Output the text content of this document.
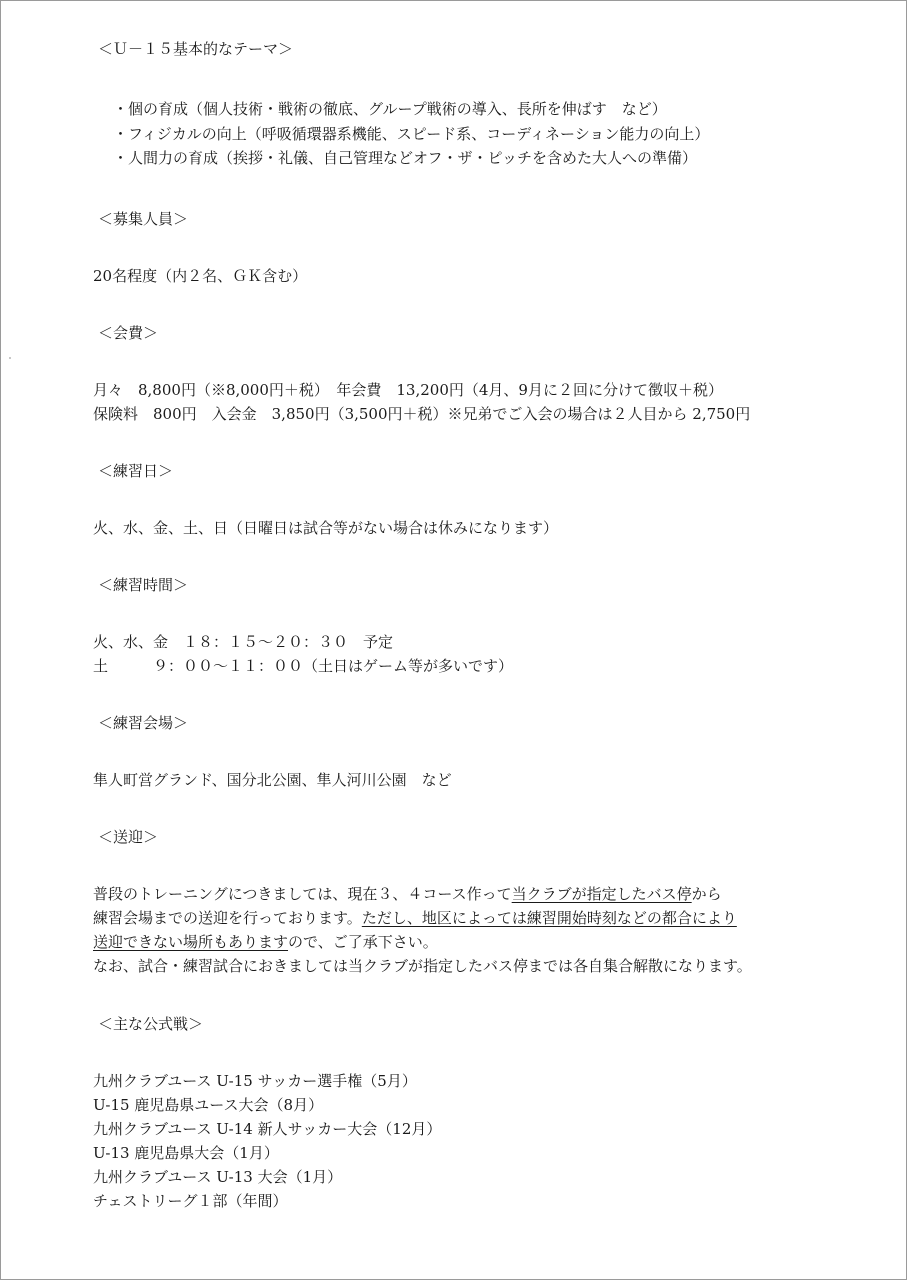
＜Ｕ－１５基本的なテーマ＞
・個の育成（個人技術・戦術の徹底、グループ戦術の導入、長所を伸ばす　など）
・フィジカルの向上（呼吸循環器系機能、スピード系、コーディネーション能力の向上）
・人間力の育成（挨拶・礼儀、自己管理などオフ・ザ・ピッチを含めた大人への準備）
＜募集人員＞
20名程度（内２名、ＧＫ含む）
＜会費＞
月々　8,800円（※8,000円＋税）　年会費　13,200円（4月、9月に２回に分けて徴収＋税）
保険料　800円　入会金　3,850円（3,500円＋税）※兄弟でご入会の場合は２人目から 2,750円
＜練習日＞
火、水、金、土、日（日曜日は試合等がない場合は休みになります）
＜練習時間＞
火、水、金　１８：１５～２０：３０　予定
土　　　９：００～１１：００（土日はゲーム等が多いです）
＜練習会場＞
隼人町営グランド、国分北公園、隼人河川公園　など
＜送迎＞
普段のトレーニングにつきましては、現在３、４コース作って当クラブが指定したバス停から
練習会場までの送迎を行っております。ただし、地区によっては練習開始時刻などの都合により
送迎できない場所もありますので、ご了承下さい。
なお、試合・練習試合におきましては当クラブが指定したバス停までは各自集合解散になります。
＜主な公式戦＞
九州クラブユース U-15 サッカー選手権（5月）
U-15 鹿児島県ユース大会（8月）
九州クラブユース U-14 新人サッカー大会（12月）
U-13 鹿児島県大会（1月）
九州クラブユース U-13 大会（1月）
チェストリーグ１部（年間）
